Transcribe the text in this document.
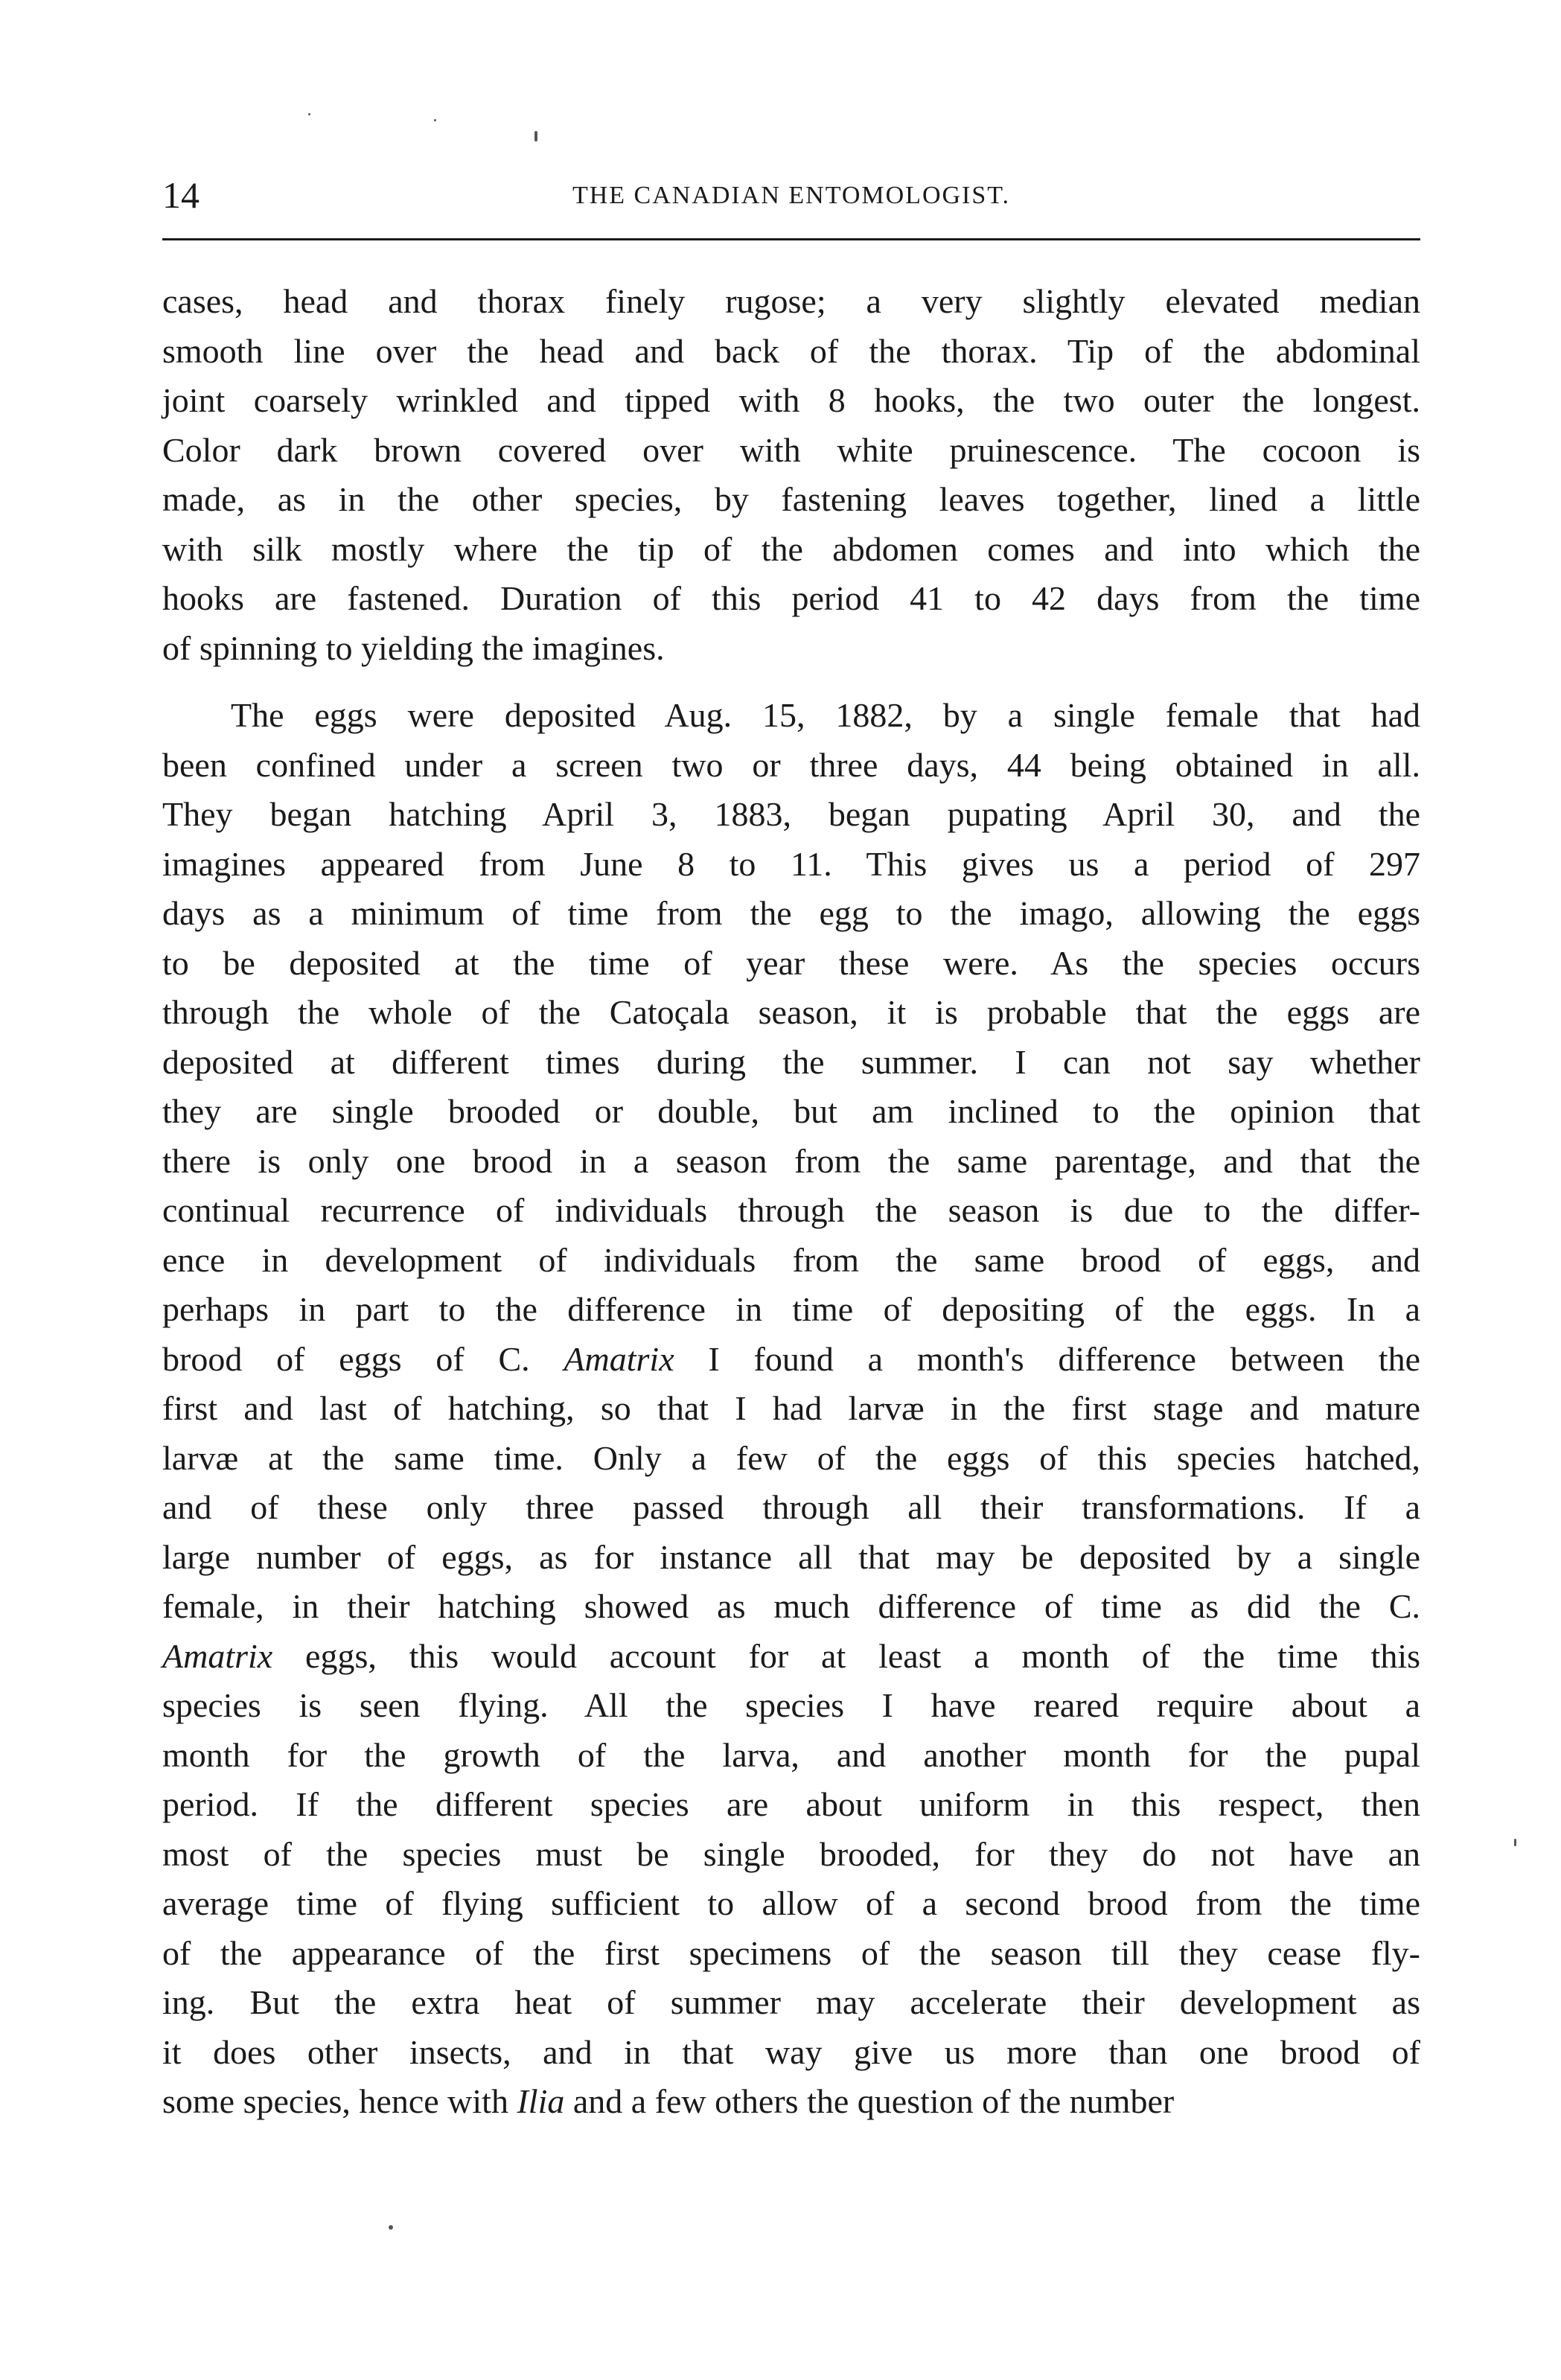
14	THE CANADIAN ENTOMOLOGIST.
cases, head and thorax finely rugose; a very slightly elevated median
smooth line over the head and back of the thorax. Tip of the abdominal
joint coarsely wrinkled and tipped with 8 hooks, the two outer the longest.
Color dark brown covered over with white pruinescence. The cocoon is
made, as in the other species, by fastening leaves together, lined a little
with silk mostly where the tip of the abdomen comes and into which the
hooks are fastened. Duration of this period 41 to 42 days from the time
of spinning to yielding the imagines.
The eggs were deposited Aug. 15, 1882, by a single female that had
been confined under a screen two or three days, 44 being obtained in all.
They began hatching April 3, 1883, began pupating April 30, and the
imagines appeared from June 8 to 11. This gives us a period of 297
days as a minimum of time from the egg to the imago, allowing the eggs
to be deposited at the time of year these were. As the species occurs
through the whole of the Catoçala season, it is probable that the eggs are
deposited at different times during the summer. I can not say whether
they are single brooded or double, but am inclined to the opinion that
there is only one brood in a season from the same parentage, and that the
continual recurrence of individuals through the season is due to the differ-
ence in development of individuals from the same brood of eggs, and
perhaps in part to the difference in time of depositing of the eggs. In a
brood of eggs of C. Amatrix I found a month's difference between the
first and last of hatching, so that I had larvæ in the first stage and mature
larvæ at the same time. Only a few of the eggs of this species hatched,
and of these only three passed through all their transformations. If a
large number of eggs, as for instance all that may be deposited by a single
female, in their hatching showed as much difference of time as did the C.
Amatrix eggs, this would account for at least a month of the time this
species is seen flying. All the species I have reared require about a
month for the growth of the larva, and another month for the pupal
period. If the different species are about uniform in this respect, then
most of the species must be single brooded, for they do not have an
average time of flying sufficient to allow of a second brood from the time
of the appearance of the first specimens of the season till they cease fly-
ing. But the extra heat of summer may accelerate their development as
it does other insects, and in that way give us more than one brood of
some species, hence with Ilia and a few others the question of the number
